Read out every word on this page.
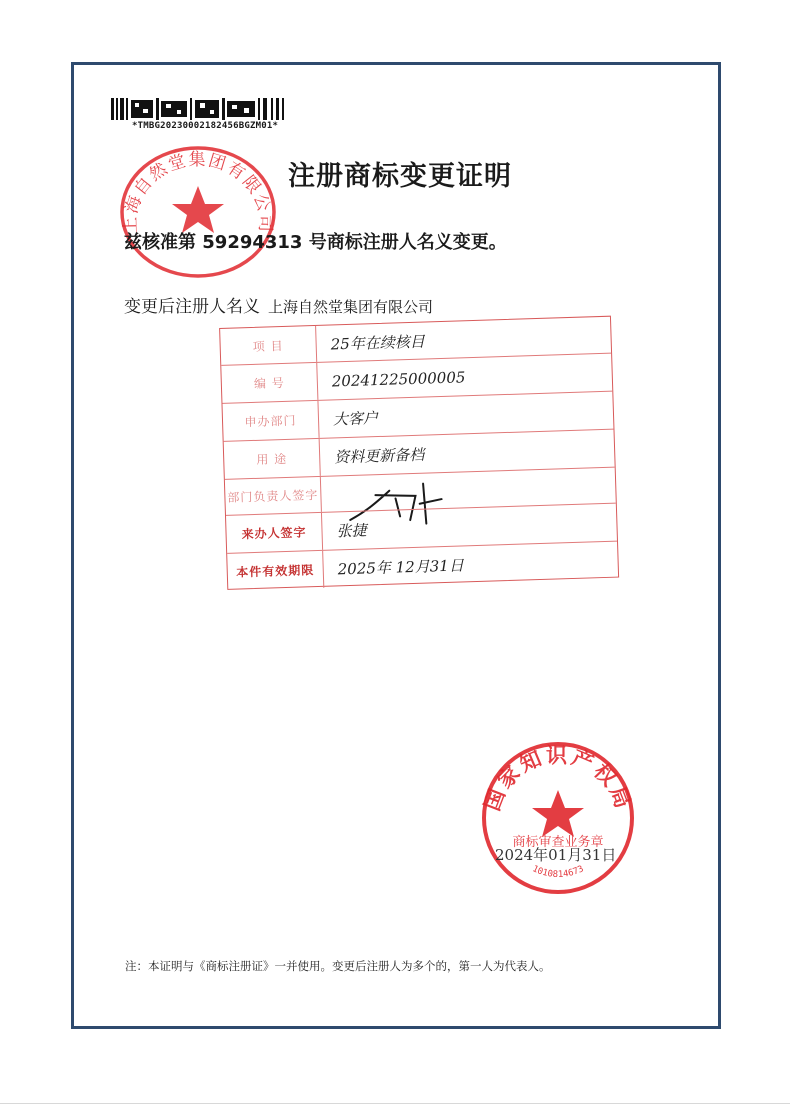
*TMBG20230002182456BGZM01*
上海自然堂集团有限公司
注册商标变更证明
兹核准第 59294313 号商标注册人名义变更。
变更后注册人名义 上海自然堂集团有限公司
项 目	25年在续核目
编 号	20241225000005
申办部门	大客户
用 途	资料更新备档
部门负责人签字
来办人签字	张捷
本件有效期限	2025年 12月31日
国家知识产权局
商标审查业务章
1010814673
2024年01月31日
注：本证明与《商标注册证》一并使用。变更后注册人为多个的，第一人为代表人。
